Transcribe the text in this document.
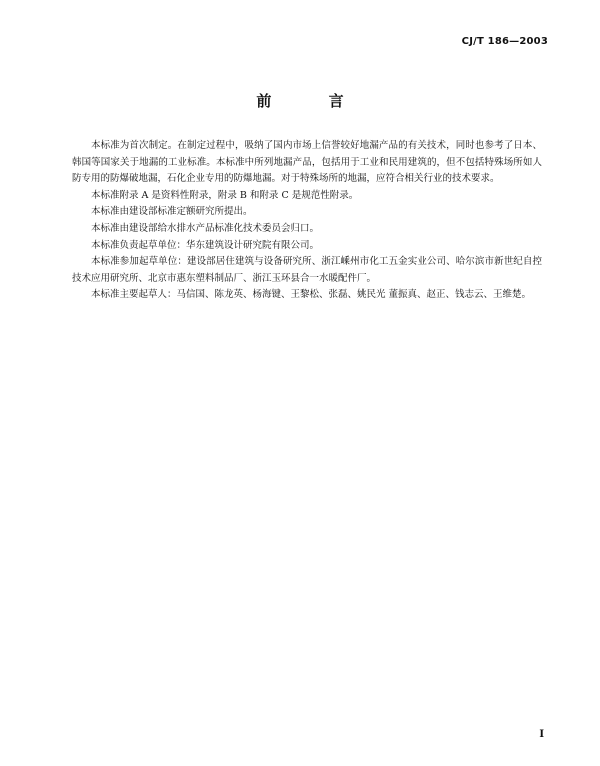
CJ/T 186—2003
前 言

本标准为首次制定。在制定过程中，吸纳了国内市场上信誉较好地漏产品的有关技术，同时也参考了日本、韩国等国家关于地漏的工业标准。本标准中所列地漏产品，包括用于工业和民用建筑的，但不包括特殊场所如人防专用的防爆破地漏，石化企业专用的防爆地漏。对于特殊场所的地漏，应符合相关行业的技术要求。

本标准附录 A 是资料性附录，附录 B 和附录 C 是规范性附录。

本标准由建设部标准定额研究所提出。

本标准由建设部给水排水产品标准化技术委员会归口。

本标准负责起草单位：华东建筑设计研究院有限公司。

本标准参加起草单位：建设部居住建筑与设备研究所、浙江嵊州市化工五金实业公司、哈尔滨市新世纪自控技术应用研究所、北京市惠东塑料制品厂、浙江玉环县合一水暖配件厂。

本标准主要起草人：马信国、陈龙英、杨海键、王黎松、张磊、姚民光 董振真、赵正、钱志云、王维楚。

I
